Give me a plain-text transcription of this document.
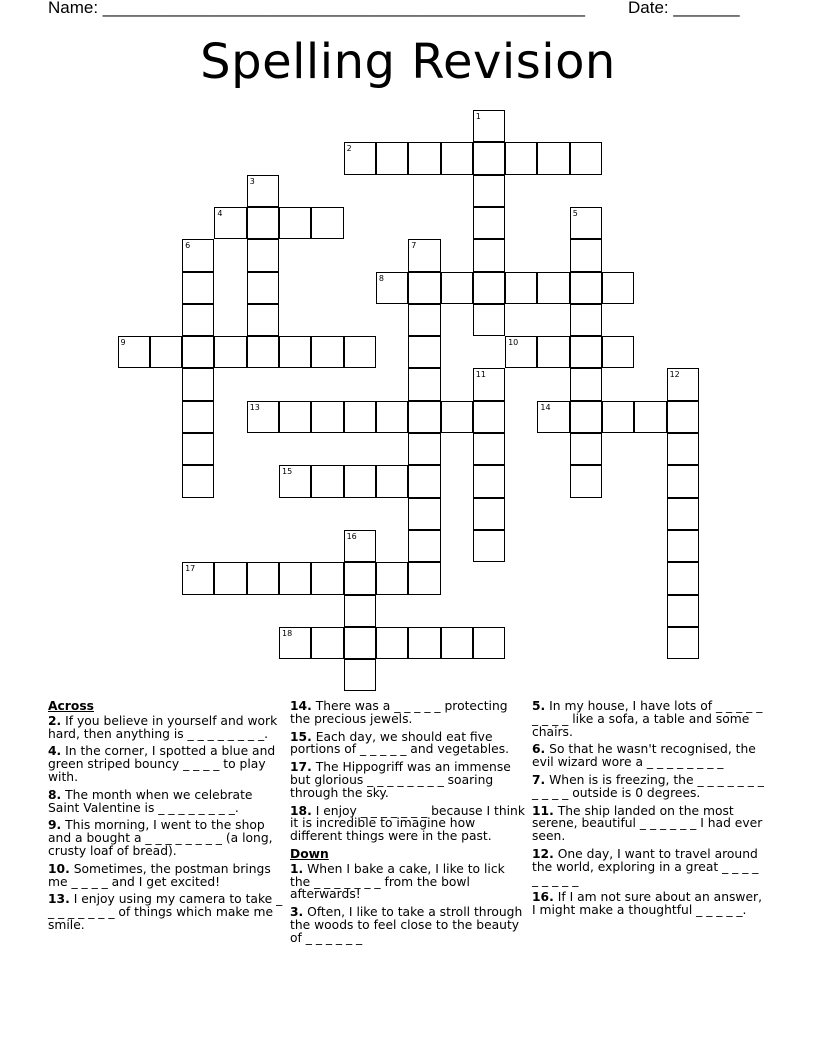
Name: ___________________________________________________	Date: _______
Spelling Revision
1
2
3
4	5
6	7
8
9	10
11	12
13	14
15
16
17
18
Across
2. If you believe in yourself and work hard, then anything is _ _ _ _ _ _ _ _.
4. In the corner, I spotted a blue and green striped bouncy _ _ _ _ to play with.
8. The month when we celebrate Saint Valentine is _ _ _ _ _ _ _ _.
9. This morning, I went to the shop and a bought a _ _ _ _ _ _ _ _ (a long, crusty loaf of bread).
10. Sometimes, the postman brings me _ _ _ _ and I get excited!
13. I enjoy using my camera to take _ _ _ _ _ _ _ _ of things which make me smile.
14. There was a _ _ _ _ _ protecting the precious jewels.
15. Each day, we should eat five portions of _ _ _ _ _ and vegetables.
17. The Hippogriff was an immense but glorious _ _ _ _ _ _ _ _ soaring through the sky.
18. I enjoy _ _ _ _ _ _ _ because I think it is incredible to imagine how different things were in the past.
Down
1. When I bake a cake, I like to lick the _ _ _ _ _ _ _ from the bowl afterwards!
3. Often, I like to take a stroll through the woods to feel close to the beauty of _ _ _ _ _ _
5. In my house, I have lots of _ _ _ _ _ _ _ _ _ like a sofa, a table and some chairs.
6. So that he wasn't recognised, the evil wizard wore a _ _ _ _ _ _ _ _
7. When is is freezing, the _ _ _ _ _ _ _ _ _ _ _ outside is 0 degrees.
11. The ship landed on the most serene, beautiful _ _ _ _ _ _ I had ever seen.
12. One day, I want to travel around the world, exploring in a great _ _ _ _ _ _ _ _ _
16. If I am not sure about an answer, I might make a thoughtful _ _ _ _ _.
